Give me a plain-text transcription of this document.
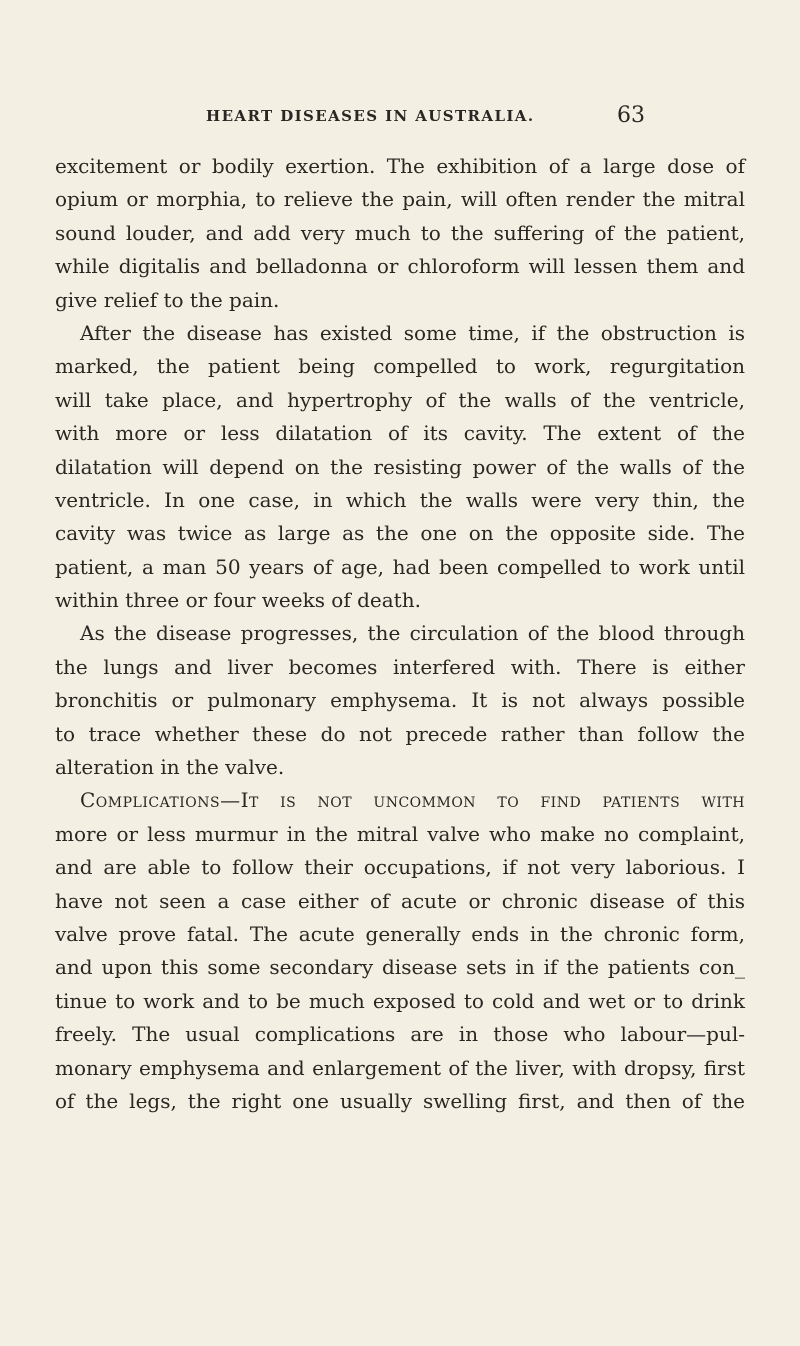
HEART DISEASES IN AUSTRALIA.	63
excitement or bodily exertion. The exhibition of a large dose of
opium or morphia, to relieve the pain, will often render the mitral
sound louder, and add very much to the suffering of the patient,
while digitalis and belladonna or chloroform will lessen them and
give relief to the pain.
After the disease has existed some time, if the obstruction is
marked, the patient being compelled to work, regurgitation
will take place, and hypertrophy of the walls of the ventricle,
with more or less dilatation of its cavity. The extent of the
dilatation will depend on the resisting power of the walls of the
ventricle. In one case, in which the walls were very thin, the
cavity was twice as large as the one on the opposite side. The
patient, a man 50 years of age, had been compelled to work until
within three or four weeks of death.
As the disease progresses, the circulation of the blood through
the lungs and liver becomes interfered with. There is either
bronchitis or pulmonary emphysema. It is not always possible
to trace whether these do not precede rather than follow the
alteration in the valve.
Complications—It is not uncommon to find patients with
more or less murmur in the mitral valve who make no complaint,
and are able to follow their occupations, if not very laborious. I
have not seen a case either of acute or chronic disease of this
valve prove fatal. The acute generally ends in the chronic form,
and upon this some secondary disease sets in if the patients con_
tinue to work and to be much exposed to cold and wet or to drink
freely. The usual complications are in those who labour—pul-
monary emphysema and enlargement of the liver, with dropsy, first
of the legs, the right one usually swelling first, and then of the
